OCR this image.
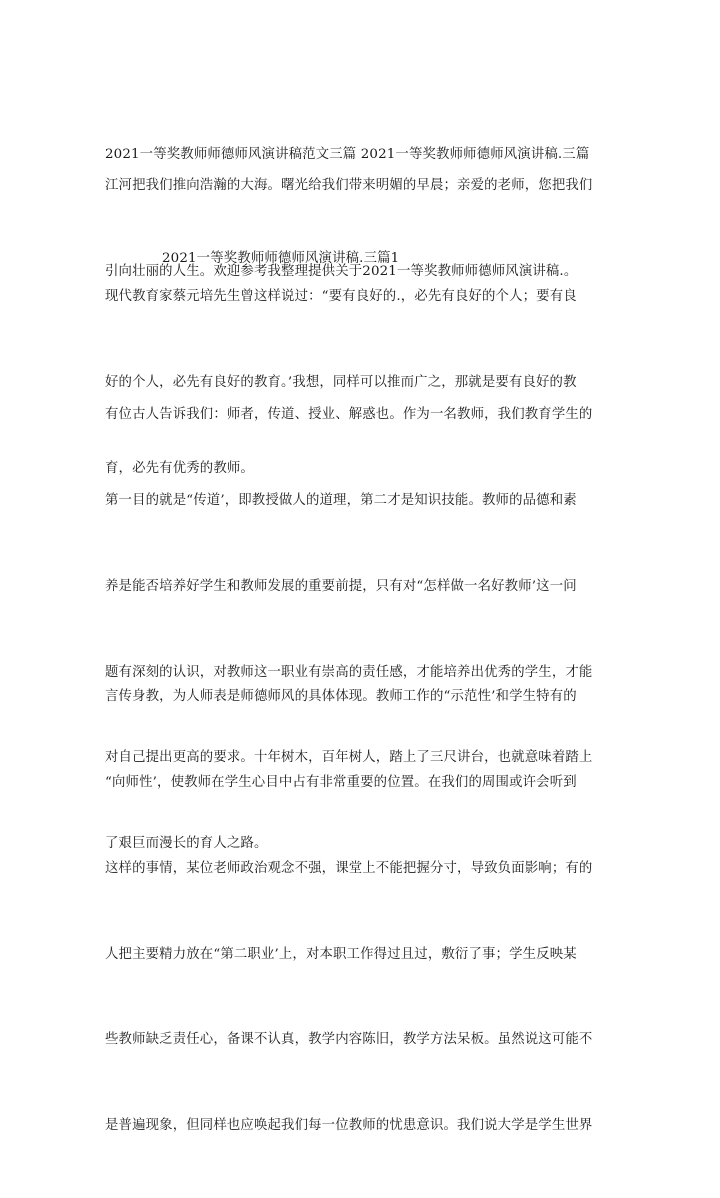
2021一等奖教师师德师风演讲稿范文三篇 2021一等奖教师师德师风演讲稿.三篇

江河把我们推向浩瀚的大海。曙光给我们带来明媚的早晨；亲爱的老师，您把我们

引向壮丽的人生。欢迎参考我整理提供关于2021一等奖教师师德师风演讲稿.。

2021一等奖教师师德师风演讲稿.三篇1

现代教育家蔡元培先生曾这样说过：“要有良好的.，必先有良好的个人；要有良

好的个人，必先有良好的教育。’我想，同样可以推而广之，那就是要有良好的教

育，必先有优秀的教师。

有位古人告诉我们：师者，传道、授业、解惑也。作为一名教师，我们教育学生的

第一目的就是“传道’，即教授做人的道理，第二才是知识技能。教师的品德和素

养是能否培养好学生和教师发展的重要前提，只有对“怎样做一名好教师’这一问

题有深刻的认识，对教师这一职业有崇高的责任感，才能培养出优秀的学生，才能

对自己提出更高的要求。十年树木，百年树人，踏上了三尺讲台，也就意味着踏上

了艰巨而漫长的育人之路。

言传身教，为人师表是师德师风的具体体现。教师工作的“示范性’和学生特有的

“向师性’，使教师在学生心目中占有非常重要的位置。在我们的周围或许会听到

这样的事情，某位老师政治观念不强，课堂上不能把握分寸，导致负面影响；有的

人把主要精力放在“第二职业’上，对本职工作得过且过，敷衍了事；学生反映某

些教师缺乏责任心，备课不认真，教学内容陈旧，教学方法呆板。虽然说这可能不

是普遍现象，但同样也应唤起我们每一位教师的忧患意识。我们说大学是学生世界
